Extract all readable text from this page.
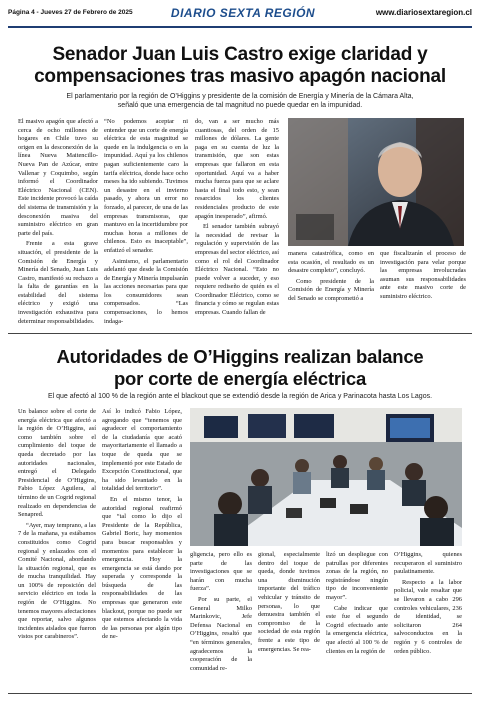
Página 4 - Jueves 27 de Febrero de 2025	DIARIO SEXTA REGIÓN	www.diariosextaregion.cl
Senador Juan Luis Castro exige claridad y
compensaciones tras masivo apagón nacional
El parlamentario por la región de O’Higgins y presidente de la comisión de Energía y Minería de la Cámara Alta,
señaló que una emergencia de tal magnitud no puede quedar en la impunidad.

El masivo apagón que afectó a cerca de ocho millones de hogares en Chile tuvo su origen en la desconexión de la línea Nueva Maitencillo-Nueva Pan de Azúcar, entre Vallenar y Coquimbo, según informó el Coordinador Eléctrico Nacional (CEN). Este incidente provocó la caída del sistema de transmisión y la desconexión masiva del suministro eléctrico en gran parte del país.

Frente a esta grave situación, el presidente de la Comisión de Energía y Minería del Senado, Juan Luis Castro, manifestó su rechazo a la falta de garantías en la estabilidad del sistema eléctrico y exigió una investigación exhaustiva para determinar responsabilidades.

“No podemos aceptar ni entender que un corte de energía eléctrica de esta magnitud se quede en la indulgencia o en la impunidad. Aquí ya los chilenos pagan suficientemente caro la tarifa eléctrica, donde hace ocho meses ha ido subiendo. Tuvimos un desastre en el invierno pasado, y ahora un error no forzado, al parecer, de una de las empresas transmisoras, que mantuvo en la incertidumbre por muchas horas a millones de chilenos. Esto es inaceptable”, enfatizó el senador.

Asimismo, el parlamentario adelantó que desde la Comisión de Energía y Minería impulsarán las acciones necesarias para que los consumidores sean compensados. “Las compensaciones, lo hemos indaga-

do, van a ser mucho más cuantiosas, del orden de 15 millones de dólares. La gente paga en su cuenta de luz la transmisión, que son estas empresas que fallaron en esta oportunidad. Aquí va a haber mucha fuerza para que se aclare hasta el final todo esto, y sean resarcidos los clientes residenciales producto de este apagón inesperado”, afirmó.

El senador también subrayó la necesidad de revisar la regulación y supervisión de las empresas del sector eléctrico, así como el rol del Coordinador Eléctrico Nacional. “Esto no puede volver a suceder, y eso requiere rediseño de quién es el Coordinador Eléctrico, como se financia y cómo se regulan estas empresas. Cuando fallan de

manera catastrófica, como en esta ocasión, el resultado es un desastre completo”, concluyó.

Como presidente de la Comisión de Energía y Minería del Senado se comprometió a

que fiscalizarán el proceso de investigación para velar porque las empresas involucradas asuman sus responsabilidades ante este masivo corte de suministro eléctrico.

Autoridades de O’Higgins realizan balance
por corte de energía eléctrica
El que afectó al 100 % de la región ante el blackout que se extendió desde la región de Arica y Parinacota hasta Los Lagos.

Un balance sobre el corte de energía eléctrica que afectó a la región de O’Higgins, así como también sobre el cumplimiento del toque de queda decretado por las autoridades nacionales, entregó el Delegado Presidencial de O’Higgins, Fabio López Aguilera, al término de un Cogrid regional realizado en dependencias de Senapred.

“Ayer, may temprano, a las 7 de la mañana, ya estábamos constituidos como Cogrid regional y enlazados con el Comité Nacional, abordando la situación regional, que es de mucha tranquilidad. Hay un 100% de reposición del servicio eléctrico en toda la región de O’Higgins. No tenemos mayores afectaciones que reportar, salvo algunos incidentes aislados que fueron vistos por carabineros”.

Así lo indicó Fabio López, agregando que “tenemos que agradecer el comportamiento de la ciudadanía que acató mayoritariamente el llamado a toque de queda que se implementó por este Estado de Excepción Constitucional, que ha sido levantado en la totalidad del territorio”.

En el mismo tenor, la autoridad regional reafirmó que “tal como lo dijo el Presidente de la República, Gabriel Boric, hay momentos para buscar responsables y momentos para establecer la emergencia. Hoy la emergencia se está dando por superada y corresponde la búsqueda de las responsabilidades de las empresas que generaron este blackout, porque no puede ser que estemos afectando la vida de las personas por algún tipo de ne-

gligencia, pero ello es parte de las investigaciones que se harán con mucha fuerza”.

Por su parte, el General Milko Marinkovic, Jefe Defensa Nacional en O’Higgins, resaltó que “en términos generales, agradecemos la cooperación de la comunidad re-

gional, especialmente dentro del toque de queda, donde tuvimos una disminución importante del tráfico vehicular y tránsito de personas, lo que demuestra también el compromiso de la sociedad de esta región frente a este tipo de emergencias. Se rea-

lizó un despliegue con patrullas por diferentes zonas de la región, no registrándose ningún tipo de inconveniente mayor”.

Cabe indicar que este fue el segundo Cogrid efectuado ante la emergencia eléctrica, que afectó al 100 % de clientes en la región de

O’Higgins, quienes recuperaron el suministro paulatinamente.

Respecto a la labor policial, vale resaltar que se llevaron a cabo 296 controles vehiculares, 236 de identidad, se solicitaron 264 salvoconductos en la región y 6 controles de orden público.
